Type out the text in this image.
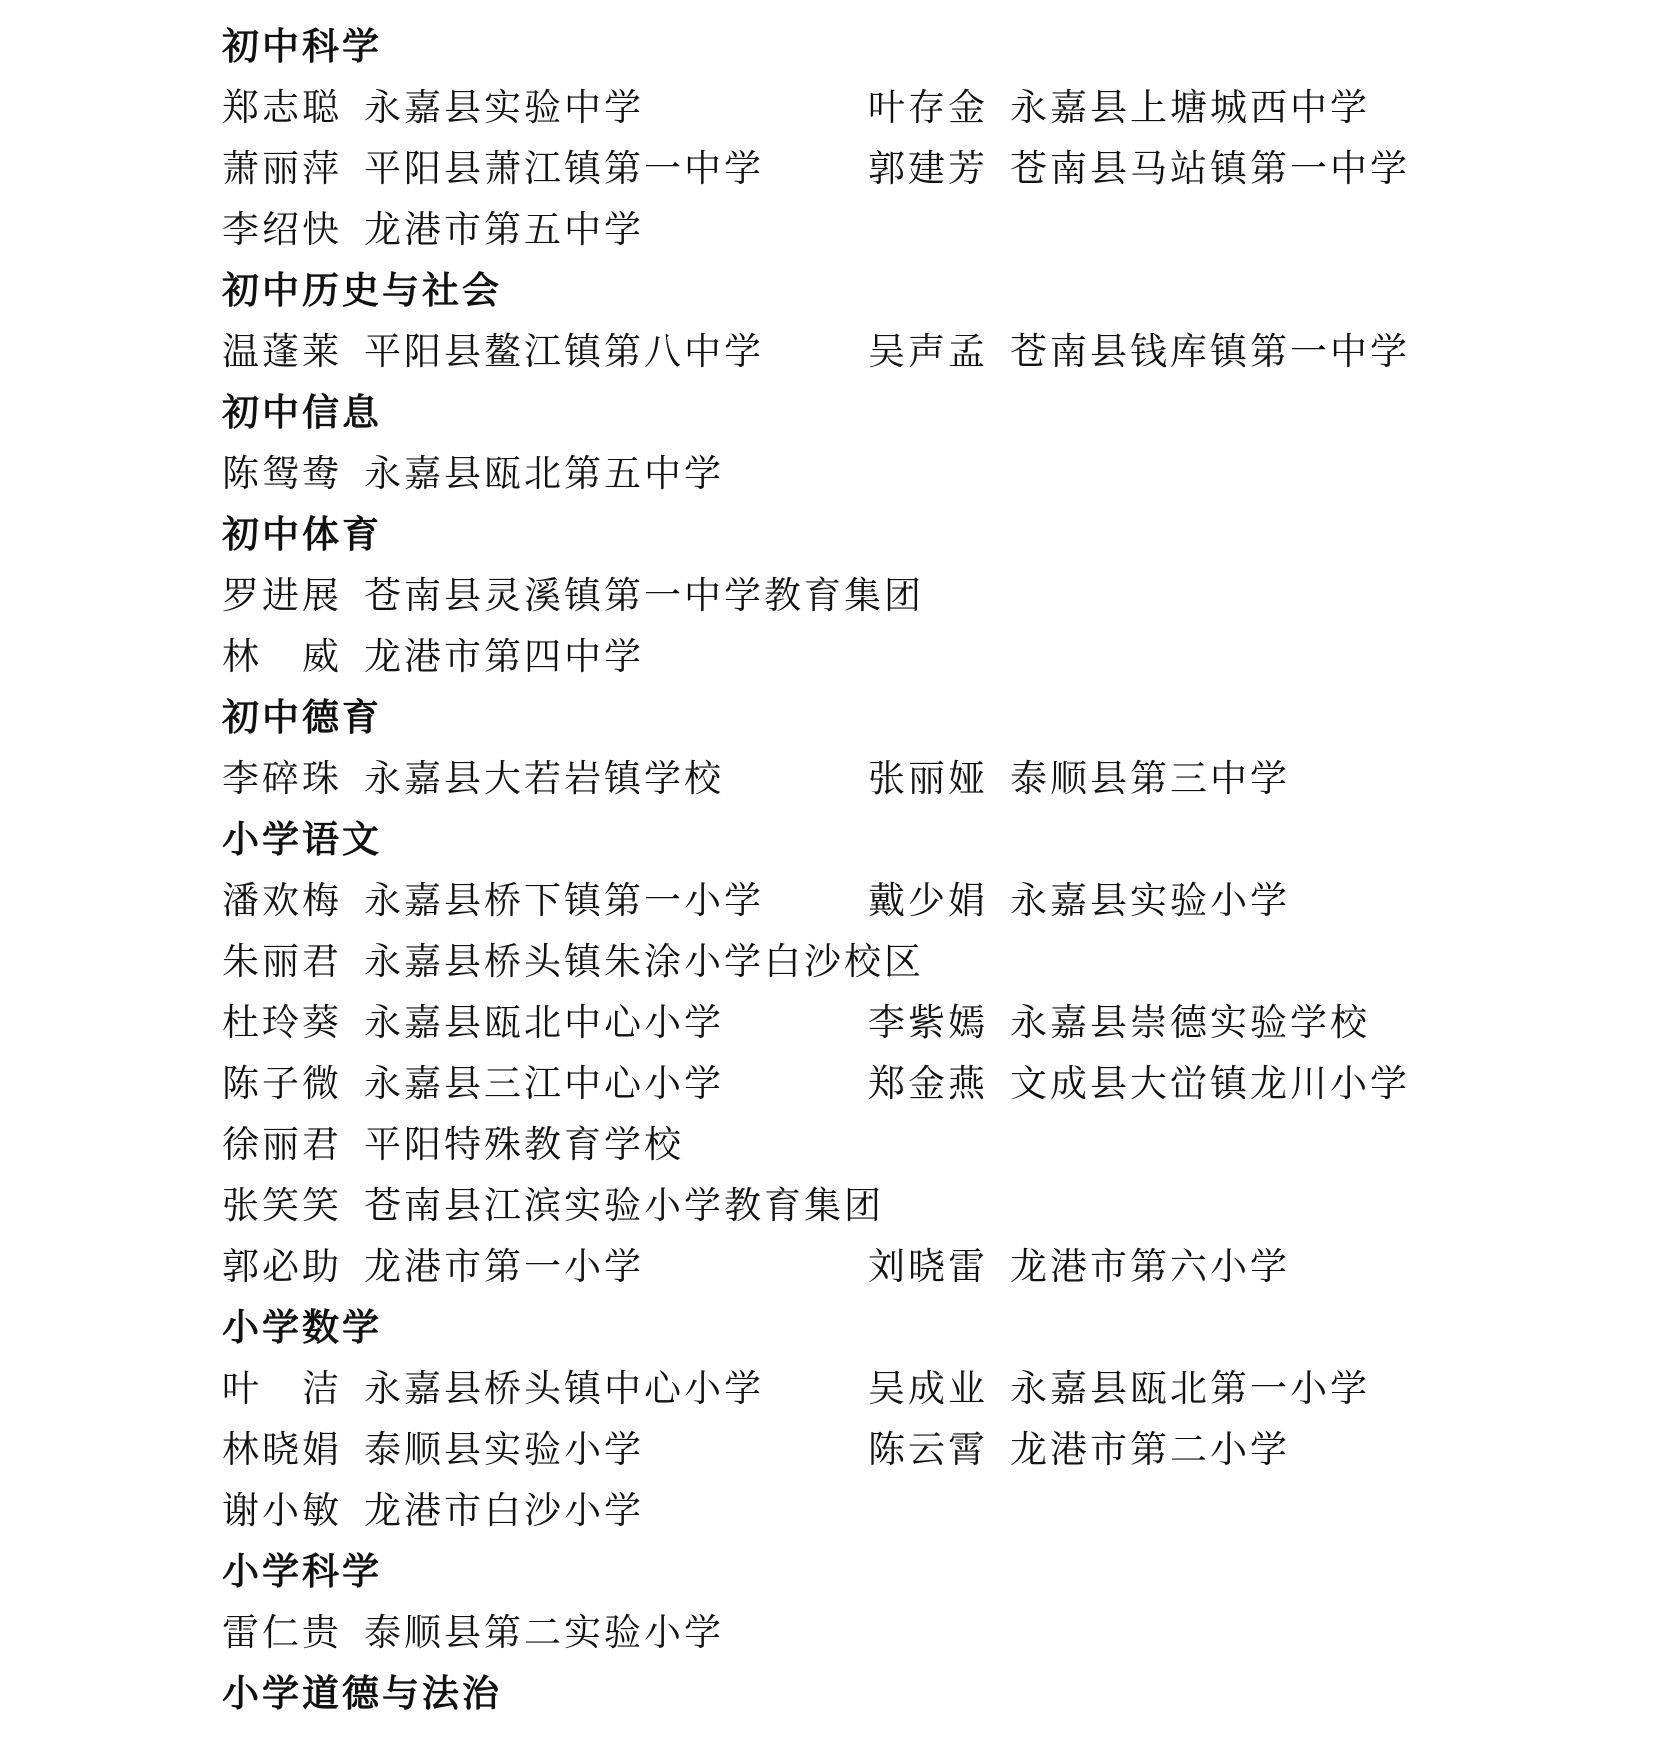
初中科学
郑志聪 永嘉县实验中学	叶存金 永嘉县上塘城西中学
萧丽萍 平阳县萧江镇第一中学	郭建芳 苍南县马站镇第一中学
李绍快 龙港市第五中学
初中历史与社会
温蓬莱 平阳县鳌江镇第八中学	吴声孟 苍南县钱库镇第一中学
初中信息
陈鸳鸯 永嘉县瓯北第五中学
初中体育
罗进展 苍南县灵溪镇第一中学教育集团
林　威 龙港市第四中学
初中德育
李碎珠 永嘉县大若岩镇学校	张丽娅 泰顺县第三中学
小学语文
潘欢梅 永嘉县桥下镇第一小学	戴少娟 永嘉县实验小学
朱丽君 永嘉县桥头镇朱涂小学白沙校区
杜玲葵 永嘉县瓯北中心小学	李紫嫣 永嘉县崇德实验学校
陈子微 永嘉县三江中心小学	郑金燕 文成县大峃镇龙川小学
徐丽君 平阳特殊教育学校
张笑笑 苍南县江滨实验小学教育集团
郭必助 龙港市第一小学	刘晓雷 龙港市第六小学
小学数学
叶　洁 永嘉县桥头镇中心小学	吴成业 永嘉县瓯北第一小学
林晓娟 泰顺县实验小学	陈云霄 龙港市第二小学
谢小敏 龙港市白沙小学
小学科学
雷仁贵 泰顺县第二实验小学
小学道德与法治
